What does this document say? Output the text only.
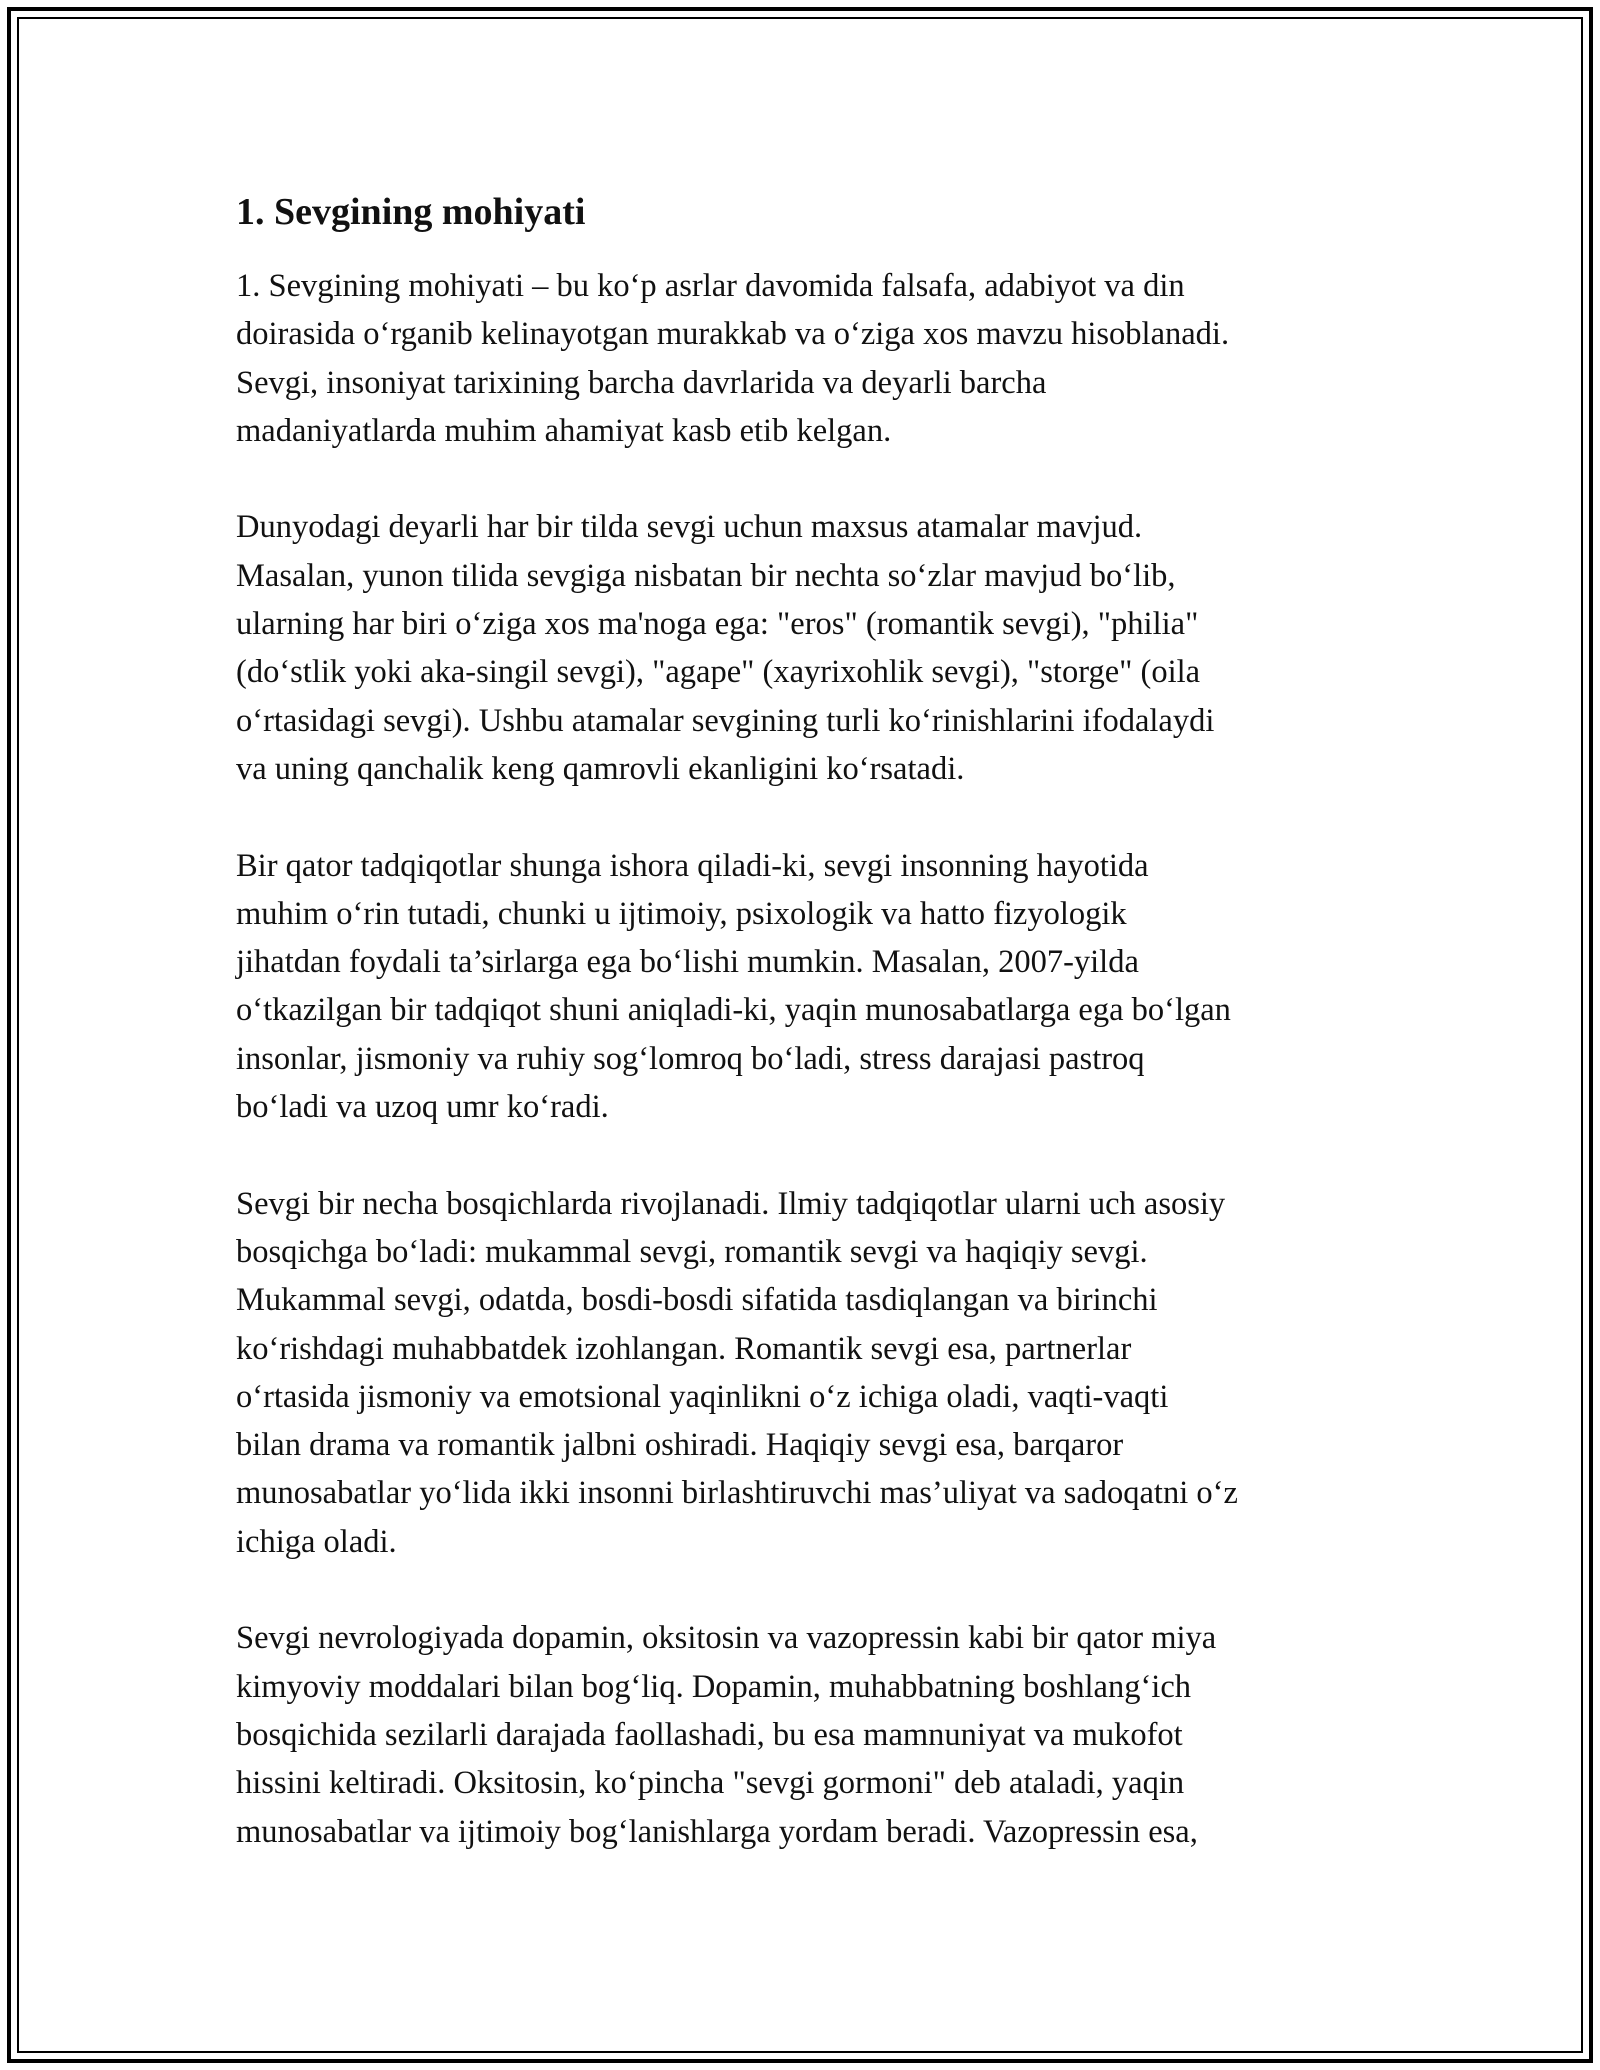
1. Sevgining mohiyati
1. Sevgining mohiyati – bu ko‘p asrlar davomida falsafa, adabiyot va din
doirasida o‘rganib kelinayotgan murakkab va o‘ziga xos mavzu hisoblanadi.
Sevgi, insoniyat tarixining barcha davrlarida va deyarli barcha
madaniyatlarda muhim ahamiyat kasb etib kelgan.
Dunyodagi deyarli har bir tilda sevgi uchun maxsus atamalar mavjud.
Masalan, yunon tilida sevgiga nisbatan bir nechta so‘zlar mavjud bo‘lib,
ularning har biri o‘ziga xos ma'noga ega: "eros" (romantik sevgi), "philia"
(do‘stlik yoki aka-singil sevgi), "agape" (xayrixohlik sevgi), "storge" (oila
o‘rtasidagi sevgi). Ushbu atamalar sevgining turli ko‘rinishlarini ifodalaydi
va uning qanchalik keng qamrovli ekanligini ko‘rsatadi.
Bir qator tadqiqotlar shunga ishora qiladi-ki, sevgi insonning hayotida
muhim o‘rin tutadi, chunki u ijtimoiy, psixologik va hatto fizyologik
jihatdan foydali ta’sirlarga ega bo‘lishi mumkin. Masalan, 2007-yilda
o‘tkazilgan bir tadqiqot shuni aniqladi-ki, yaqin munosabatlarga ega bo‘lgan
insonlar, jismoniy va ruhiy sog‘lomroq bo‘ladi, stress darajasi pastroq
bo‘ladi va uzoq umr ko‘radi.
Sevgi bir necha bosqichlarda rivojlanadi. Ilmiy tadqiqotlar ularni uch asosiy
bosqichga bo‘ladi: mukammal sevgi, romantik sevgi va haqiqiy sevgi.
Mukammal sevgi, odatda, bosdi-bosdi sifatida tasdiqlangan va birinchi
ko‘rishdagi muhabbatdek izohlangan. Romantik sevgi esa, partnerlar
o‘rtasida jismoniy va emotsional yaqinlikni o‘z ichiga oladi, vaqti-vaqti
bilan drama va romantik jalbni oshiradi. Haqiqiy sevgi esa, barqaror
munosabatlar yo‘lida ikki insonni birlashtiruvchi mas’uliyat va sadoqatni o‘z
ichiga oladi.
Sevgi nevrologiyada dopamin, oksitosin va vazopressin kabi bir qator miya
kimyoviy moddalari bilan bog‘liq. Dopamin, muhabbatning boshlang‘ich
bosqichida sezilarli darajada faollashadi, bu esa mamnuniyat va mukofot
hissini keltiradi. Oksitosin, ko‘pincha "sevgi gormoni" deb ataladi, yaqin
munosabatlar va ijtimoiy bog‘lanishlarga yordam beradi. Vazopressin esa,
